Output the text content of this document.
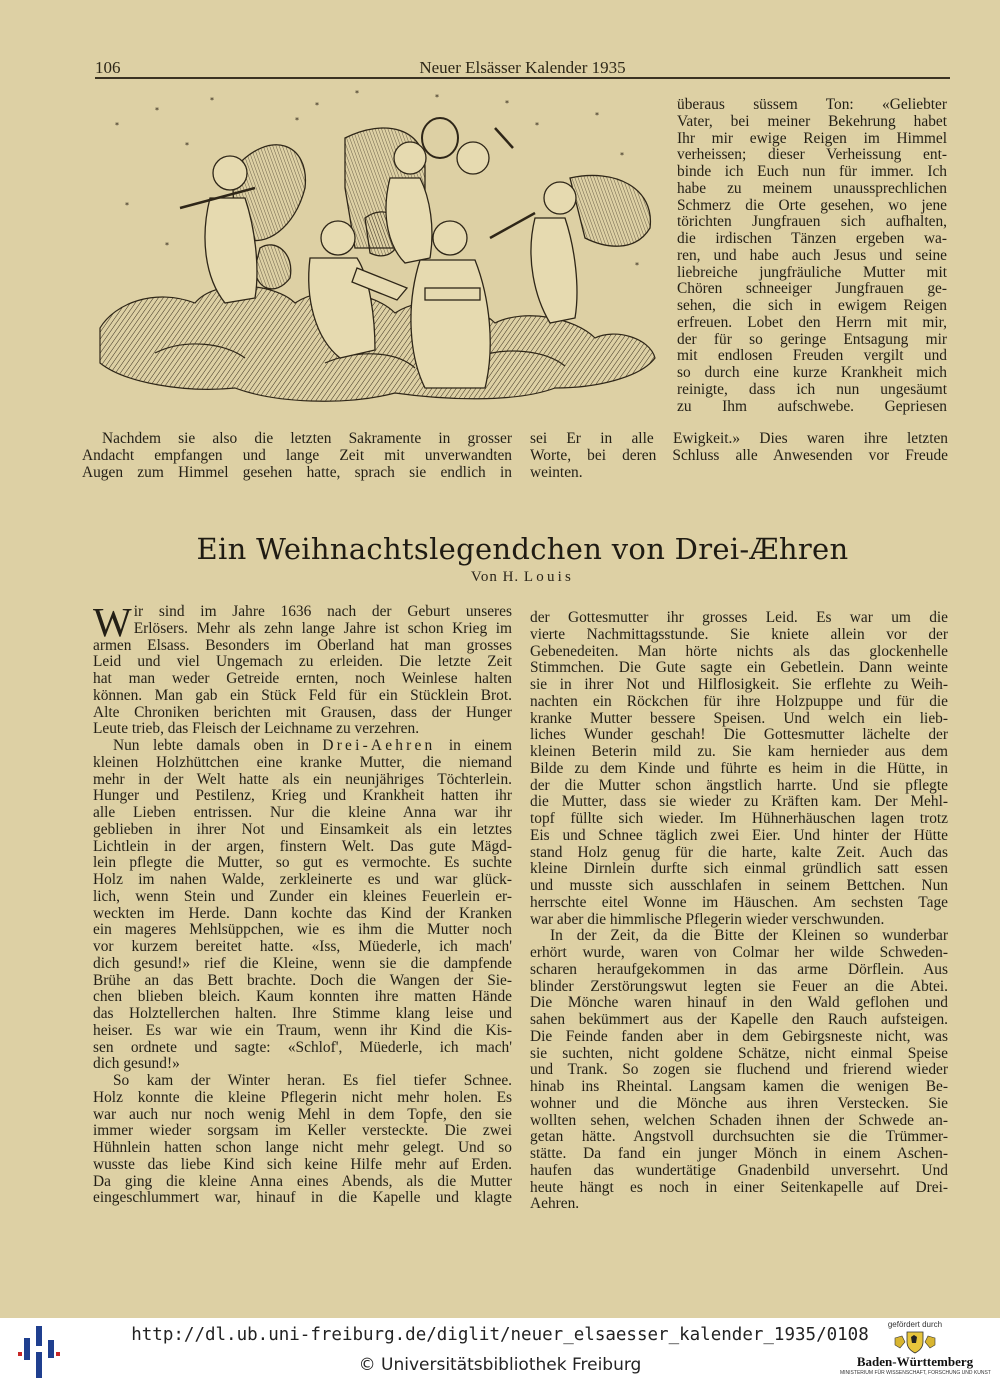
106	Neuer Elsässer Kalender 1935
*
*
*
*
*	*
*
*
*
*
*
*
*
*
*

überaus süssem Ton: «Geliebter

Vater, bei meiner Bekehrung habet

Ihr mir ewige Reigen im Himmel

verheissen; dieser Verheissung ent-

binde ich Euch nun für immer. Ich

habe zu meinem unaussprechlichen

Schmerz die Orte gesehen, wo jene

törichten Jungfrauen sich aufhalten,

die irdischen Tänzen ergeben wa-

ren, und habe auch Jesus und seine

liebreiche jungfräuliche Mutter mit

Chören schneeiger Jungfrauen ge-

sehen, die sich in ewigem Reigen

erfreuen. Lobet den Herrn mit mir,

der für so geringe Entsagung mir

mit endlosen Freuden vergilt und

so durch eine kurze Krankheit mich

reinigte, dass ich nun ungesäumt

zu Ihm aufschwebe. Gepriesen

Nachdem sie also die letzten Sakramente in grosser

Andacht empfangen und lange Zeit mit unverwandten

Augen zum Himmel gesehen hatte, sprach sie endlich in

sei Er in alle Ewigkeit.» Dies waren ihre letzten

Worte, bei deren Schluss alle Anwesenden vor Freude

weinten.

Ein Weihnachtslegendchen von Drei-Æhren
Von H. Louis

Wir sind im Jahre 1636 nach der Geburt unseres

Erlösers. Mehr als zehn lange Jahre ist schon Krieg im

armen Elsass. Besonders im Oberland hat man grosses

Leid und viel Ungemach zu erleiden. Die letzte Zeit

hat man weder Getreide ernten, noch Weinlese halten

können. Man gab ein Stück Feld für ein Stücklein Brot.

Alte Chroniken berichten mit Grausen, dass der Hunger

Leute trieb, das Fleisch der Leichname zu verzehren.

Nun lebte damals oben in Drei-Aehren in einem

kleinen Holzhüttchen eine kranke Mutter, die niemand

mehr in der Welt hatte als ein neunjähriges Töchterlein.

Hunger und Pestilenz, Krieg und Krankheit hatten ihr

alle Lieben entrissen. Nur die kleine Anna war ihr

geblieben in ihrer Not und Einsamkeit als ein letztes

Lichtlein in der argen, finstern Welt. Das gute Mägd-

lein pflegte die Mutter, so gut es vermochte. Es suchte

Holz im nahen Walde, zerkleinerte es und war glück-

lich, wenn Stein und Zunder ein kleines Feuerlein er-

weckten im Herde. Dann kochte das Kind der Kranken

ein mageres Mehlsüppchen, wie es ihm die Mutter noch

vor kurzem bereitet hatte. «Iss, Müederle, ich mach'

dich gesund!» rief die Kleine, wenn sie die dampfende

Brühe an das Bett brachte. Doch die Wangen der Sie-

chen blieben bleich. Kaum konnten ihre matten Hände

das Holztellerchen halten. Ihre Stimme klang leise und

heiser. Es war wie ein Traum, wenn ihr Kind die Kis-

sen ordnete und sagte: «Schlof', Müederle, ich mach'

dich gesund!»

So kam der Winter heran. Es fiel tiefer Schnee.

Holz konnte die kleine Pflegerin nicht mehr holen. Es

war auch nur noch wenig Mehl in dem Topfe, den sie

immer wieder sorgsam im Keller versteckte. Die zwei

Hühnlein hatten schon lange nicht mehr gelegt. Und so

wusste das liebe Kind sich keine Hilfe mehr auf Erden.

Da ging die kleine Anna eines Abends, als die Mutter

eingeschlummert war, hinauf in die Kapelle und klagte

der Gottesmutter ihr grosses Leid. Es war um die

vierte Nachmittagsstunde. Sie kniete allein vor der

Gebenedeiten. Man hörte nichts als das glockenhelle

Stimmchen. Die Gute sagte ein Gebetlein. Dann weinte

sie in ihrer Not und Hilflosigkeit. Sie erflehte zu Weih-

nachten ein Röckchen für ihre Holzpuppe und für die

kranke Mutter bessere Speisen. Und welch ein lieb-

liches Wunder geschah! Die Gottesmutter lächelte der

kleinen Beterin mild zu. Sie kam hernieder aus dem

Bilde zu dem Kinde und führte es heim in die Hütte, in

der die Mutter schon ängstlich harrte. Und sie pflegte

die Mutter, dass sie wieder zu Kräften kam. Der Mehl-

topf füllte sich wieder. Im Hühnerhäuschen lagen trotz

Eis und Schnee täglich zwei Eier. Und hinter der Hütte

stand Holz genug für die harte, kalte Zeit. Auch das

kleine Dirnlein durfte sich einmal gründlich satt essen

und musste sich ausschlafen in seinem Bettchen. Nun

herrschte eitel Wonne im Häuschen. Am sechsten Tage

war aber die himmlische Pflegerin wieder verschwunden.

In der Zeit, da die Bitte der Kleinen so wunderbar

erhört wurde, waren von Colmar her wilde Schweden-

scharen heraufgekommen in das arme Dörflein. Aus

blinder Zerstörungswut legten sie Feuer an die Abtei.

Die Mönche waren hinauf in den Wald geflohen und

sahen bekümmert aus der Kapelle den Rauch aufsteigen.

Die Feinde fanden aber in dem Gebirgsneste nicht, was

sie suchten, nicht goldene Schätze, nicht einmal Speise

und Trank. So zogen sie fluchend und frierend wieder

hinab ins Rheintal. Langsam kamen die wenigen Be-

wohner und die Mönche aus ihren Verstecken. Sie

wollten sehen, welchen Schaden ihnen der Schwede an-

getan hätte. Angstvoll durchsuchten sie die Trümmer-

stätte. Da fand ein junger Mönch in einem Aschen-

haufen das wundertätige Gnadenbild unversehrt. Und

heute hängt es noch in einer Seitenkapelle auf Drei-

Aehren.

http://dl.ub.uni-freiburg.de/diglit/neuer_elsaesser_kalender_1935/0108
© Universitätsbibliothek Freiburg
gefördert durch
Baden-Württemberg
MINISTERIUM FÜR WISSENSCHAFT, FORSCHUNG UND KUNST
